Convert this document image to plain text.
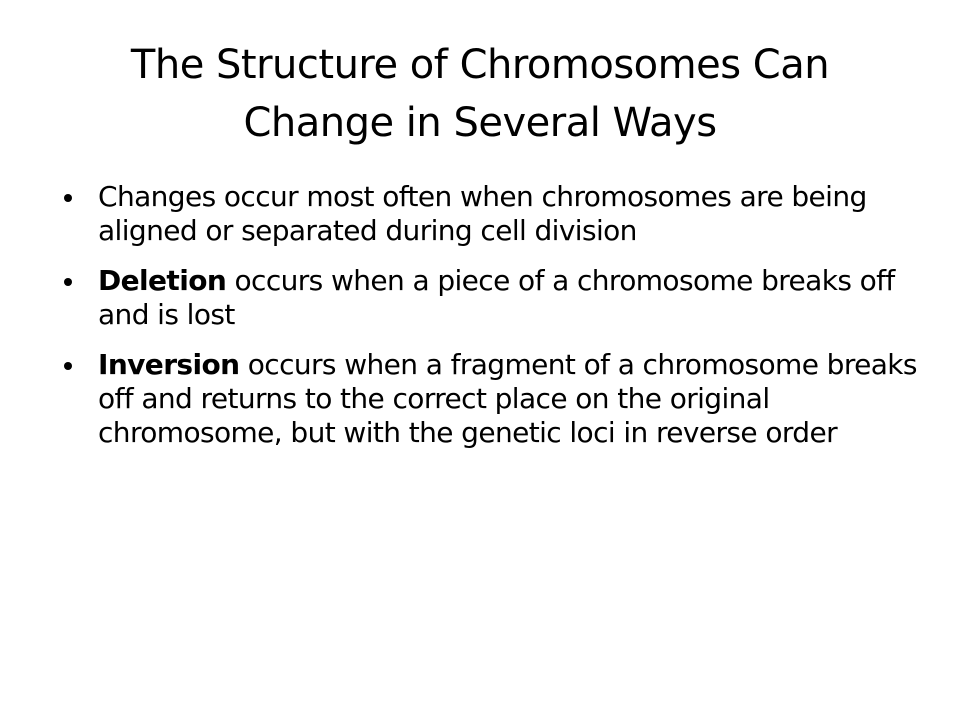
The Structure of Chromosomes Can Change in Several Ways
Changes occur most often when chromosomes are being aligned or separated during cell division
Deletion occurs when a piece of a chromosome breaks off and is lost
Inversion occurs when a fragment of a chromosome breaks off and returns to the correct place on the original chromosome, but with the genetic loci in reverse order
